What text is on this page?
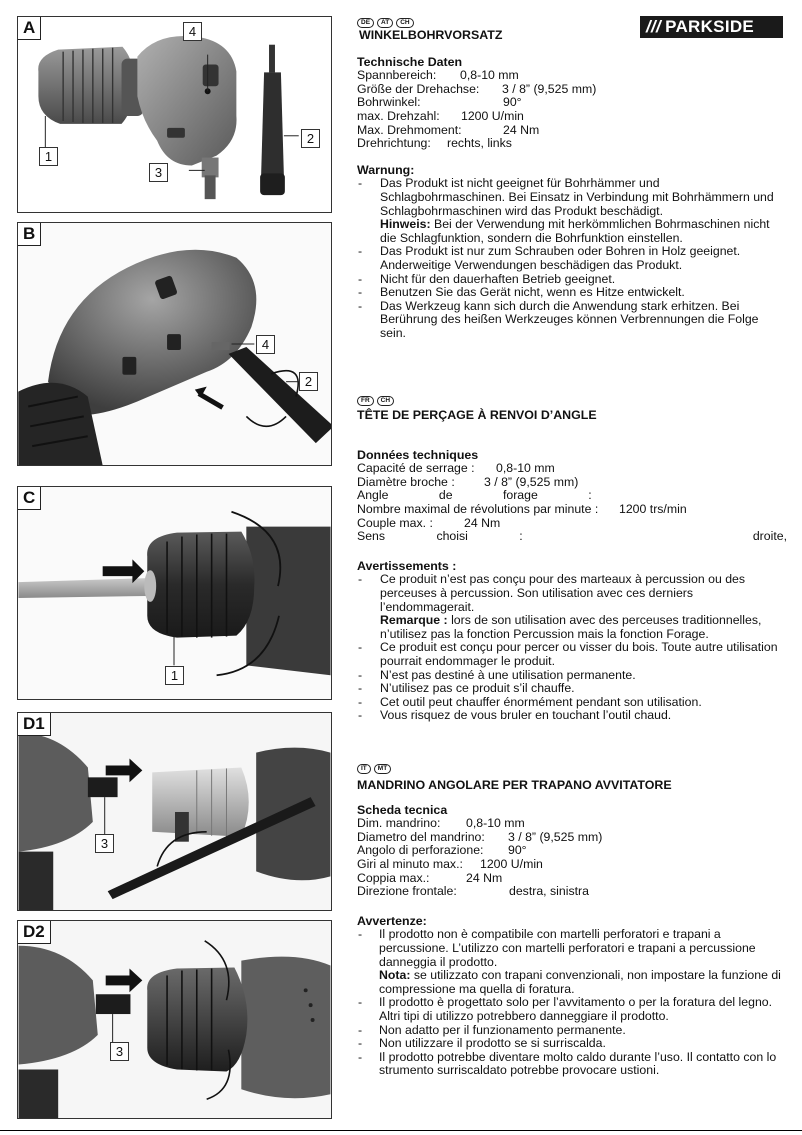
A
1
2
3
4
B
4
2
C
1
D1
3
D2
3
/// PARKSIDE
DE	AT	CH
WINKELBOHRVORSATZ
Technische Daten
Spannbereich:	0,8-10 mm
Größe der Drehachse:	3 / 8” (9,525 mm)
Bohrwinkel:	90°
max. Drehzahl:	1200 U/min
Max. Drehmoment:	24 Nm
Drehrichtung:	rechts, links
Warnung:
- Das Produkt ist nicht geeignet für Bohrhämmer und Schlagbohrmaschinen. Bei Einsatz in Verbindung mit Bohrhämmern und Schlagbohrmaschinen wird das Produkt beschädigt.
Hinweis: Bei der Verwendung mit herkömmlichen Bohrmaschinen nicht die Schlagfunktion, sondern die Bohrfunktion einstellen.
- Das Produkt ist nur zum Schrauben oder Bohren in Holz geeignet. Anderweitige Verwendungen beschädigen das Produkt.
- Nicht für den dauerhaften Betrieb geeignet.
- Benutzen Sie das Gerät nicht, wenn es Hitze entwickelt.
- Das Werkzeug kann sich durch die Anwendung stark erhitzen. Bei Berührung des heißen Werkzeuges können Verbrennungen die Folge sein.
FR	CH
TÊTE DE PERÇAGE À RENVOI D’ANGLE
Données techniques
Capacité de serrage :	0,8-10 mm
Diamètre broche :	3 / 8” (9,525 mm)
Angle de forage :
Nombre maximal de révolutions par minute :	1200 trs/min
Couple max. :	24 Nm
Sens choisi :	droite,
Avertissements :
- Ce produit n’est pas conçu pour des marteaux à percussion ou des perceuses à percussion. Son utilisation avec ces derniers l’endommagerait.
Remarque : lors de son utilisation avec des perceuses traditionnelles, n’utilisez pas la fonction Percussion mais la fonction Forage.
- Ce produit est conçu pour percer ou visser du bois. Toute autre utilisation pourrait endommager le produit.
- N’est pas destiné à une utilisation permanente.
- N’utilisez pas ce produit s’il chauffe.
- Cet outil peut chauffer énormément pendant son utilisation.
- Vous risquez de vous bruler en touchant l’outil chaud.
IT	MT
MANDRINO ANGOLARE PER TRAPANO AVVITATORE
Scheda tecnica
Dim. mandrino:	0,8-10 mm
Diametro del mandrino:	3 / 8” (9,525 mm)
Angolo di perforazione:	90°
Giri al minuto max.:	1200 U/min
Coppia max.:	24 Nm
Direzione frontale:	destra, sinistra
Avvertenze:
- Il prodotto non è compatibile con martelli perforatori e trapani a percussione. L’utilizzo con martelli perforatori e trapani a percussione danneggia il prodotto.
Nota: se utilizzato con trapani convenzionali, non impostare la funzione di compressione ma quella di foratura.
- Il prodotto è progettato solo per l’avvitamento o per la foratura del legno. Altri tipi di utilizzo potrebbero danneggiare il prodotto.
- Non adatto per il funzionamento permanente.
- Non utilizzare il prodotto se si surriscalda.
- Il prodotto potrebbe diventare molto caldo durante l’uso. Il contatto con lo strumento surriscaldato potrebbe provocare ustioni.
